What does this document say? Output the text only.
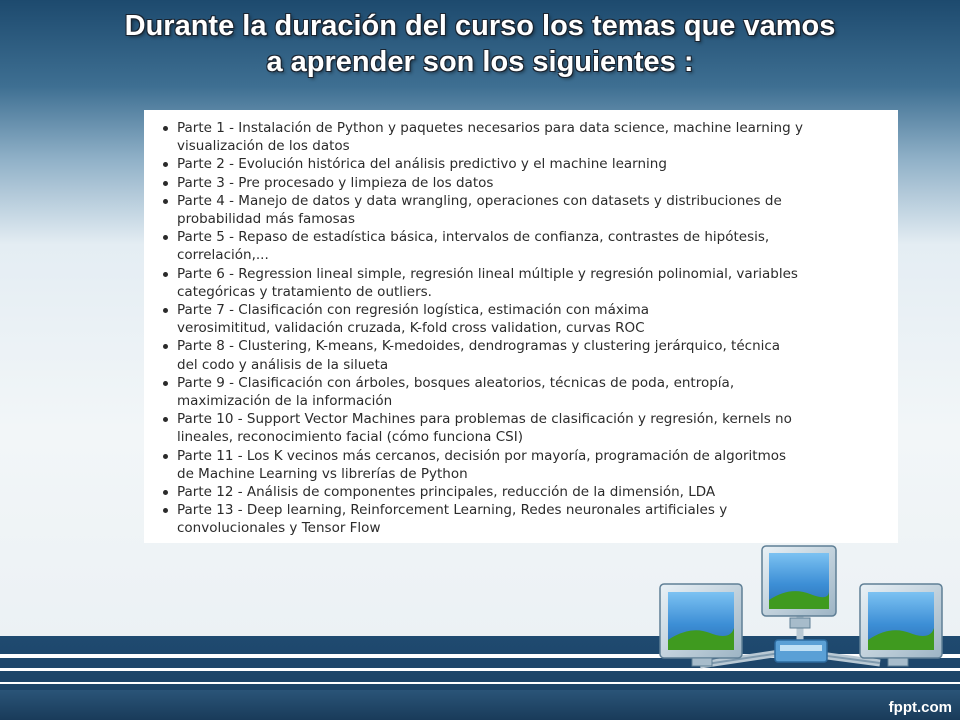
Durante la duración del curso los temas que vamos
a aprender son los siguientes :
Parte 1 - Instalación de Python y paquetes necesarios para data science, machine learning y
visualización de los datos
Parte 2 - Evolución histórica del análisis predictivo y el machine learning
Parte 3 - Pre procesado y limpieza de los datos
Parte 4 - Manejo de datos y data wrangling, operaciones con datasets y distribuciones de
probabilidad más famosas
Parte 5 - Repaso de estadística básica, intervalos de confianza, contrastes de hipótesis,
correlación,...
Parte 6 - Regression lineal simple, regresión lineal múltiple y regresión polinomial, variables
categóricas y tratamiento de outliers.
Parte 7 - Clasificación con regresión logística, estimación con máxima
verosimititud, validación cruzada, K-fold cross validation, curvas ROC
Parte 8 - Clustering, K-means, K-medoides, dendrogramas y clustering jerárquico, técnica
del codo y análisis de la silueta
Parte 9 - Clasificación con árboles, bosques aleatorios, técnicas de poda, entropía,
maximización de la información
Parte 10 - Support Vector Machines para problemas de clasificación y regresión, kernels no
lineales, reconocimiento facial (cómo funciona CSI)
Parte 11 - Los K vecinos más cercanos, decisión por mayoría, programación de algoritmos
de Machine Learning vs librerías de Python
Parte 12 - Análisis de componentes principales, reducción de la dimensión, LDA
Parte 13 - Deep learning, Reinforcement Learning, Redes neuronales artificiales y
convolucionales y Tensor Flow
fppt.com
